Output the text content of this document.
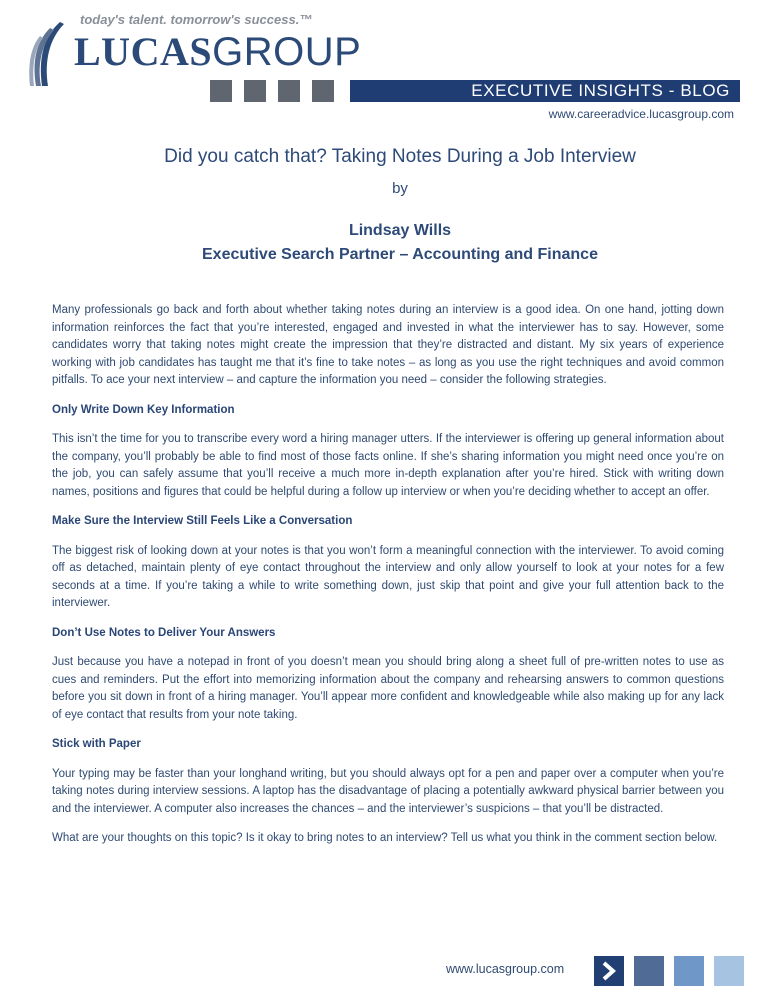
today's talent. tomorrow's success.™
LUCASGROUP
EXECUTIVE INSIGHTS - BLOG
www.careeradvice.lucasgroup.com
Did you catch that? Taking Notes During a Job Interview
by
Lindsay Wills
Executive Search Partner – Accounting and Finance

Many professionals go back and forth about whether taking notes during an interview is a good idea. On one hand, jotting down information reinforces the fact that you’re interested, engaged and invested in what the interviewer has to say. However, some candidates worry that taking notes might create the impression that they’re distracted and distant. My six years of experience working with job candidates has taught me that it’s fine to take notes – as long as you use the right techniques and avoid common pitfalls. To ace your next interview – and capture the information you need – consider the following strategies.

Only Write Down Key Information

This isn’t the time for you to transcribe every word a hiring manager utters. If the interviewer is offering up general information about the company, you’ll probably be able to find most of those facts online. If she’s sharing information you might need once you’re on the job, you can safely assume that you’ll receive a much more in-depth explanation after you’re hired. Stick with writing down names, positions and figures that could be helpful during a follow up interview or when you’re deciding whether to accept an offer.

Make Sure the Interview Still Feels Like a Conversation

The biggest risk of looking down at your notes is that you won’t form a meaningful connection with the interviewer. To avoid coming off as detached, maintain plenty of eye contact throughout the interview and only allow yourself to look at your notes for a few seconds at a time. If you’re taking a while to write something down, just skip that point and give your full attention back to the interviewer.

Don’t Use Notes to Deliver Your Answers

Just because you have a notepad in front of you doesn’t mean you should bring along a sheet full of pre-written notes to use as cues and reminders. Put the effort into memorizing information about the company and rehearsing answers to common questions before you sit down in front of a hiring manager. You’ll appear more confident and knowledgeable while also making up for any lack of eye contact that results from your note taking.

Stick with Paper

Your typing may be faster than your longhand writing, but you should always opt for a pen and paper over a computer when you’re taking notes during interview sessions. A laptop has the disadvantage of placing a potentially awkward physical barrier between you and the interviewer. A computer also increases the chances – and the interviewer’s suspicions – that you’ll be distracted.

What are your thoughts on this topic? Is it okay to bring notes to an interview? Tell us what you think in the comment section below.

www.lucasgroup.com
